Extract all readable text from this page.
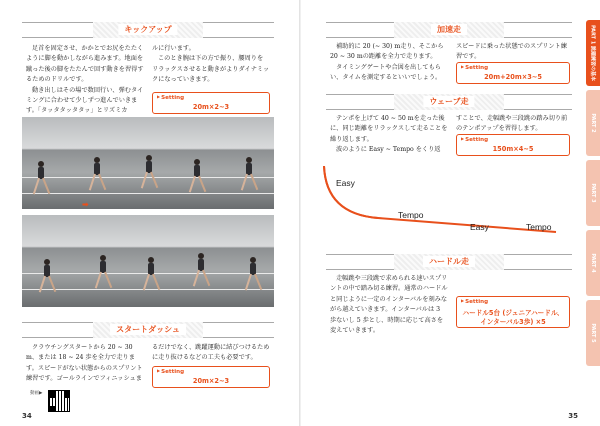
キックアップ

足首を固定させ、かかとでお尻をたたくように脚を動かしながら進みます。地面を蹴った後の脚をたたんで回す動きを習得するためのドリルです。

動き出しはその場で数回行い、弾むタイミングに合わせて少しずつ進んでいきます。「タッタタッタタッ」とリズミカ

ルに行います。

このとき腕は下の方で振り、腰周りを リラックスさせると動きがよりダイナミックになっていきます。

▶ Setting
20m×2~3
➡
スタートダッシュ

クラウチングスタートから 20 ~ 30 m、または 18 ~ 24 歩を全力で走ります。スピードがない状態からのスプリント練習です。ゴールラインでフィニッシュま

るだけでなく、跳躍運動に結びつけるために走り抜けるなどの工夫も必要です。

▶ Setting
20m×2~3
動画▶
34
加速走

補助的に 20 (~ 30) m走り、そこから 20 ~ 30 mの距離を全力で走ります。

タイミングゲートや合図を出してもらい、タイムを測定するといいでしょう。

スピードに乗った状態でのスプリント練習です。

▶ Setting
20m+20m×3~5
ウェーブ走

テンポを上げて 40 ~ 50 mを走った後に、同じ距離をリラックスして走ることを繰り返します。

波のように Easy ~ Tempo をくり返

すことで、走幅跳や三段跳の踏み切り前のテンポアップを習得します。

▶ Setting
150m×4~5
ハードル走

走幅跳や三段跳で求められる速いスプリントの中で踏み切る練習。通常のハードルと同じように一定のインターバルを刻みながら越えていきます。インターバルは 3 歩ないし 5 歩とし、時期に応じて高さを変えていきます。

▶ Setting
ハードル5台 (ジュニアハードル、
インターバル3歩) ×5
PART 1 跳躍練習の基本
PART 2
PART 3
PART 4
PART 5
35
Easy
Tempo
Easy	Tempo
